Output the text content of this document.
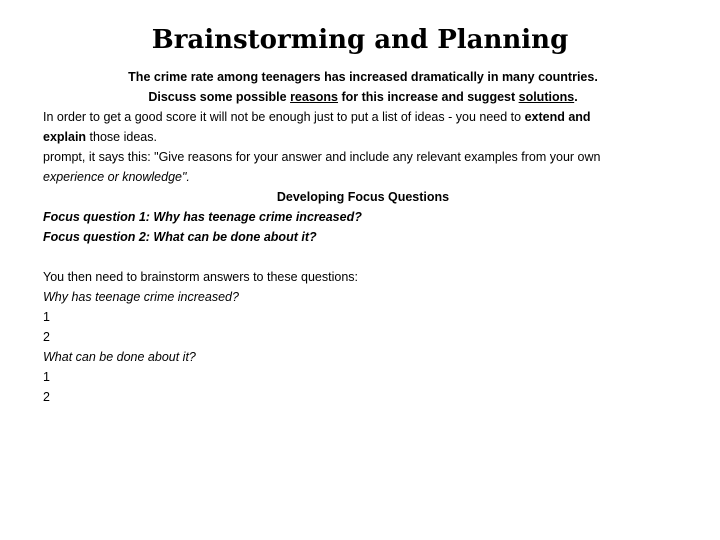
Brainstorming and Planning
The crime rate among teenagers has increased dramatically in many countries.
Discuss some possible reasons for this increase and suggest solutions.
In order to get a good score it will not be enough just to put a list of ideas - you need to extend and
explain those ideas.
prompt, it says this: "Give reasons for your answer and include any relevant examples from your own
experience or knowledge".
Developing Focus Questions
Focus question 1: Why has teenage crime increased?
Focus question 2: What can be done about it?
You then need to brainstorm answers to these questions:
Why has teenage crime increased?
1
2
What can be done about it?
1
2
